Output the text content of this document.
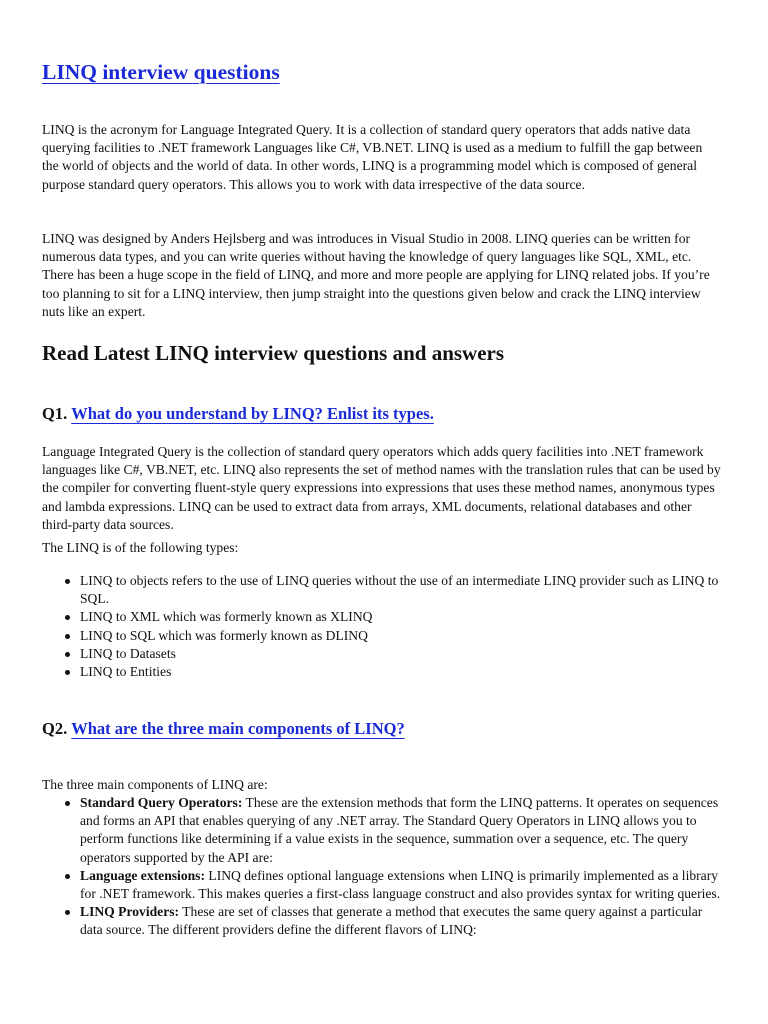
LINQ interview questions
LINQ is the acronym for Language Integrated Query. It is a collection of standard query operators that adds native data querying facilities to .NET framework Languages like C#, VB.NET. LINQ is used as a medium to fulfill the gap between the world of objects and the world of data. In other words, LINQ is a programming model which is composed of general purpose standard query operators. This allows you to work with data irrespective of the data source.
LINQ was designed by Anders Hejlsberg and was introduces in Visual Studio in 2008. LINQ queries can be written for numerous data types, and you can write queries without having the knowledge of query languages like SQL, XML, etc. There has been a huge scope in the field of LINQ, and more and more people are applying for LINQ related jobs. If you’re too planning to sit for a LINQ interview, then jump straight into the questions given below and crack the LINQ interview nuts like an expert.
Read Latest LINQ interview questions and answers
Q1. What do you understand by LINQ? Enlist its types.
Language Integrated Query is the collection of standard query operators which adds query facilities into .NET framework languages like C#, VB.NET, etc. LINQ also represents the set of method names with the translation rules that can be used by the compiler for converting fluent-style query expressions into expressions that uses these method names, anonymous types and lambda expressions. LINQ can be used to extract data from arrays, XML documents, relational databases and other third-party data sources.
The LINQ is of the following types:
LINQ to objects refers to the use of LINQ queries without the use of an intermediate LINQ provider such as LINQ to SQL.
LINQ to XML which was formerly known as XLINQ
LINQ to SQL which was formerly known as DLINQ
LINQ to Datasets
LINQ to Entities
Q2. What are the three main components of LINQ?
The three main components of LINQ are:
Standard Query Operators: These are the extension methods that form the LINQ patterns. It operates on sequences and forms an API that enables querying of any .NET array. The Standard Query Operators in LINQ allows you to perform functions like determining if a value exists in the sequence, summation over a sequence, etc. The query operators supported by the API are:
Language extensions: LINQ defines optional language extensions when LINQ is primarily implemented as a library for .NET framework. This makes queries a first-class language construct and also provides syntax for writing queries.
LINQ Providers: These are set of classes that generate a method that executes the same query against a particular data source. The different providers define the different flavors of LINQ:
